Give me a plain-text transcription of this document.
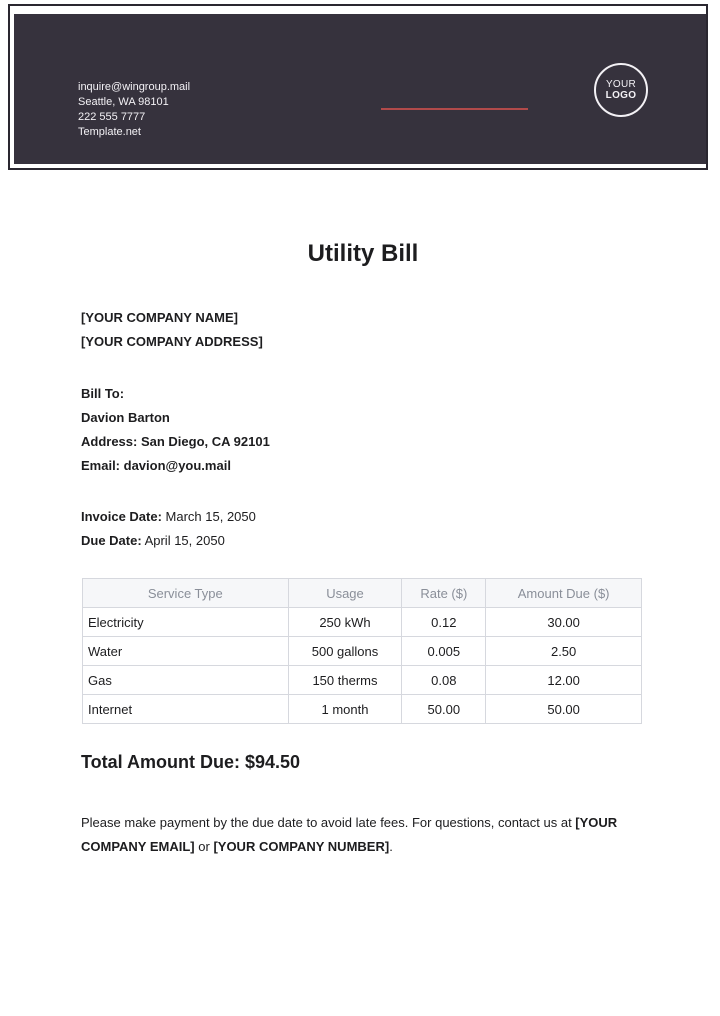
inquire@wingroup.mail
Seattle, WA 98101
222 555 7777
Template.net
YOUR
LOGO
Utility Bill
[YOUR COMPANY NAME]
[YOUR COMPANY ADDRESS]
Bill To:
Davion Barton
Address: San Diego, CA 92101
Email: davion@you.mail
Invoice Date: March 15, 2050
Due Date: April 15, 2050
Service Type	Usage	Rate ($)	Amount Due ($)
Electricity	250 kWh	0.12	30.00
Water	500 gallons	0.005	2.50
Gas	150 therms	0.08	12.00
Internet	1 month	50.00	50.00
Total Amount Due: $94.50
Please make payment by the due date to avoid late fees. For questions, contact us at [YOUR COMPANY EMAIL] or [YOUR COMPANY NUMBER].
